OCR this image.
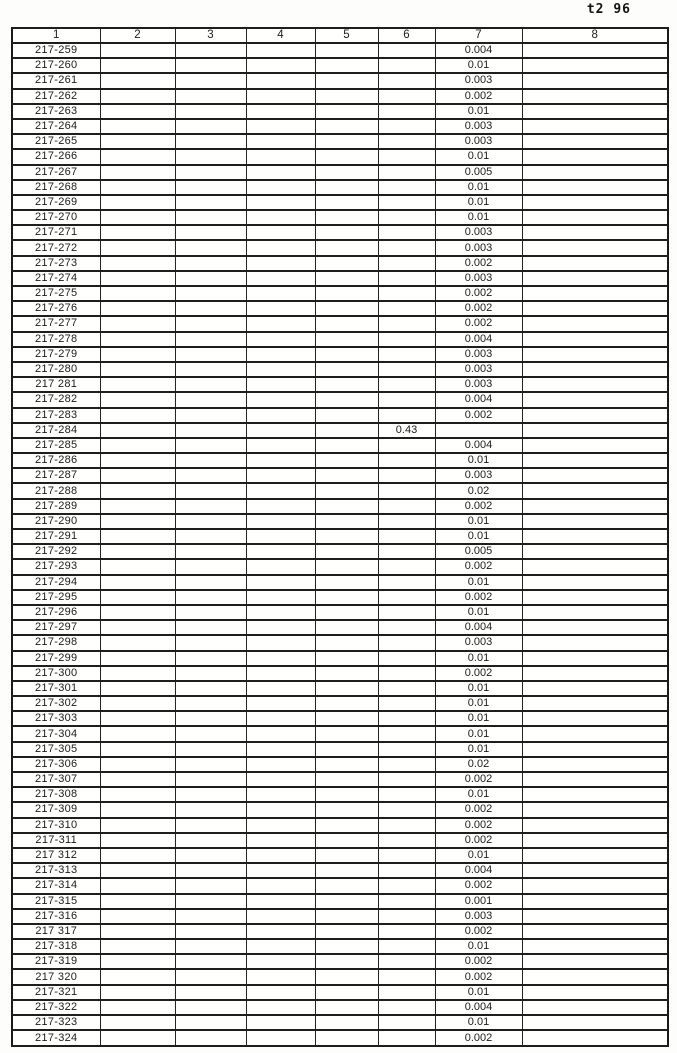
t2 96
1	2	3	4	5	6	7	8
217-259						0.004	
217-260						0.01	
217-261						0.003	
217-262						0.002	
217-263						0.01	
217-264						0.003	
217-265						0.003	
217-266						0.01	
217-267						0.005	
217-268						0.01	
217-269						0.01	
217-270						0.01	
217-271						0.003	
217-272						0.003	
217-273						0.002	
217-274						0.003	
217-275						0.002	
217-276						0.002	
217-277						0.002	
217-278						0.004	
217-279						0.003	
217-280						0.003	
217 281						0.003	
217-282						0.004	
217-283						0.002	
217-284					0.43		
217-285						0.004	
217-286						0.01	
217-287						0.003	
217-288						0.02	
217-289						0.002	
217-290						0.01	
217-291						0.01	
217-292						0.005	
217-293						0.002	
217-294						0.01	
217-295						0.002	
217-296						0.01	
217-297						0.004	
217-298						0.003	
217-299						0.01	
217-300						0.002	
217-301						0.01	
217-302						0.01	
217-303						0.01	
217-304						0.01	
217-305						0.01	
217-306						0.02	
217-307						0.002	
217-308						0.01	
217-309						0.002	
217-310						0.002	
217-311						0.002	
217 312						0.01	
217-313						0.004	
217-314						0.002	
217-315						0.001	
217-316						0.003	
217 317						0.002	
217-318						0.01	
217-319						0.002	
217 320						0.002	
217-321						0.01	
217-322						0.004	
217-323						0.01	
217-324						0.002	
